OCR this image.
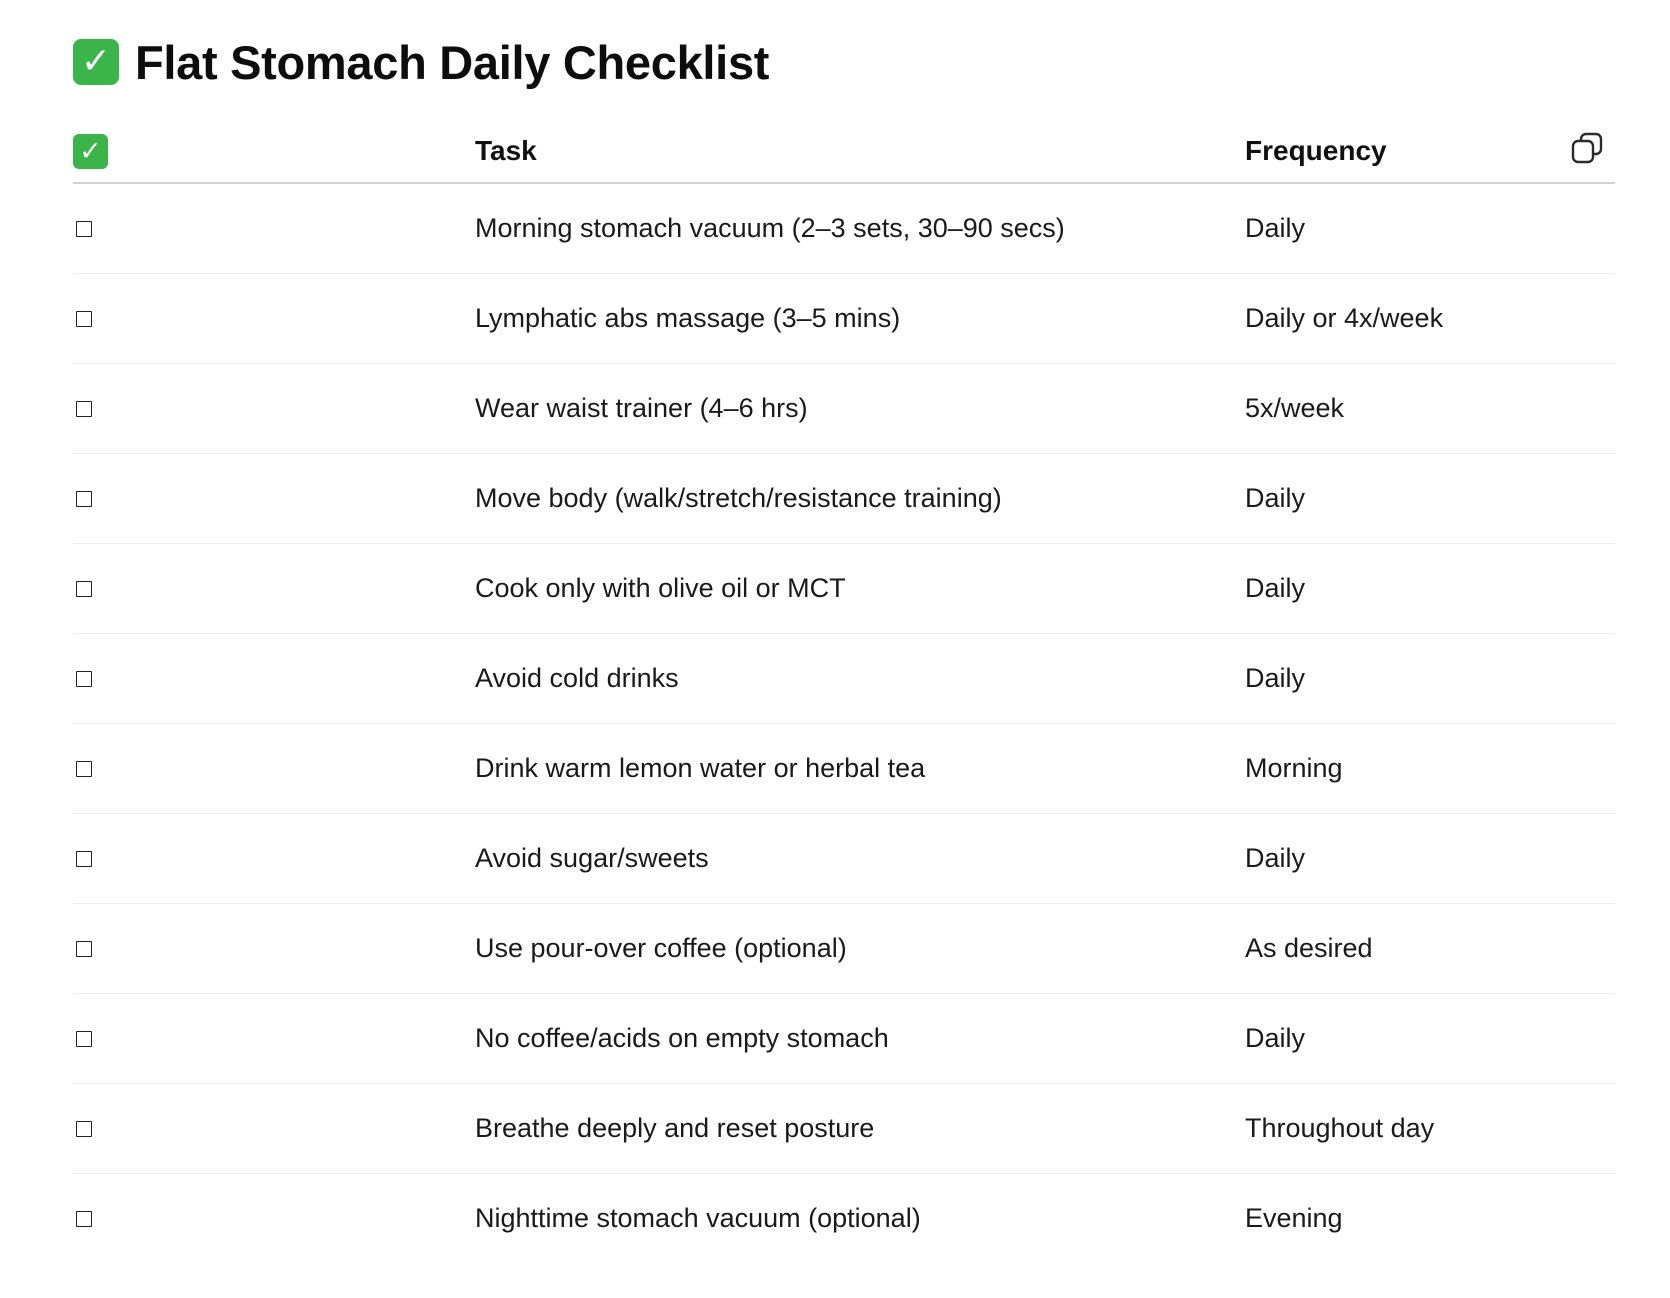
✓ Flat Stomach Daily Checklist
✓	Task	Frequency
Morning stomach vacuum (2–3 sets, 30–90 secs)	Daily
Lymphatic abs massage (3–5 mins)	Daily or 4x/week
Wear waist trainer (4–6 hrs)	5x/week
Move body (walk/stretch/resistance training)	Daily
Cook only with olive oil or MCT	Daily
Avoid cold drinks	Daily
Drink warm lemon water or herbal tea	Morning
Avoid sugar/sweets	Daily
Use pour-over coffee (optional)	As desired
No coffee/acids on empty stomach	Daily
Breathe deeply and reset posture	Throughout day
Nighttime stomach vacuum (optional)	Evening
